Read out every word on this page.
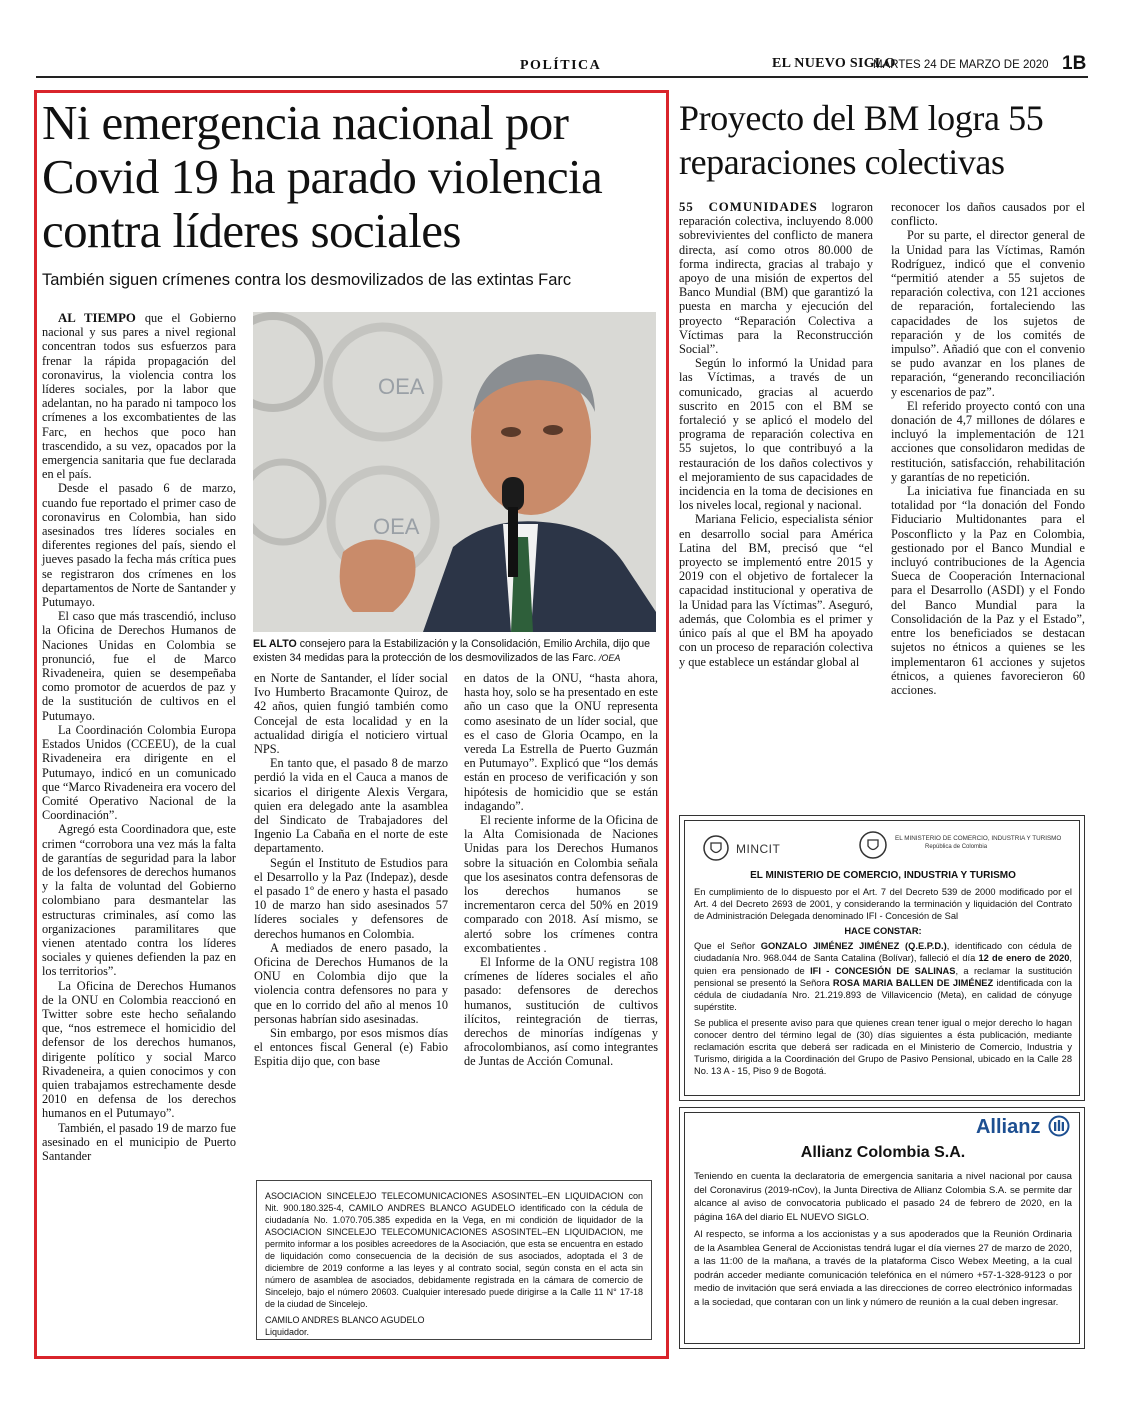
POLÍTICA	EL NUEVO SIGLO
MARTES 24 DE MARZO DE 2020 1B
Ni emergencia nacional por
Covid 19 ha parado violencia
contra líderes sociales
También siguen crímenes contra los desmovilizados de las extintas Farc
OEA
OEA
EL ALTO consejero para la Estabilización y la Consolidación, Emilio Archila, dijo que existen 34 medidas para la protección de los desmovilizados de las Farc. /OEA

AL TIEMPO que el Gobierno nacional y sus pares a nivel regional concentran todos sus esfuerzos para frenar la rápida propagación del coronavirus, la violencia contra los líderes sociales, por la labor que adelantan, no ha parado ni tampoco los crímenes a los excombatientes de las Farc, en hechos que poco han trascendido, a su vez, opacados por la emergencia sanitaria que fue declarada en el país.

Desde el pasado 6 de marzo, cuando fue reportado el primer caso de coronavirus en Colombia, han sido asesinados tres líderes sociales en diferentes regiones del país, siendo el jueves pasado la fecha más crítica pues se registraron dos crímenes en los departamentos de Norte de Santander y Putumayo.

El caso que más trascendió, incluso la Oficina de Derechos Humanos de Naciones Unidas en Colombia se pronunció, fue el de Marco Rivadeneira, quien se desempeñaba como promotor de acuerdos de paz y de la sustitución de cultivos en el Putumayo.

La Coordinación Colombia Europa Estados Unidos (CCEEU), de la cual Rivadeneira era dirigente en el Putumayo, indicó en un comunicado que “Marco Rivadeneira era vocero del Comité Operativo Nacional de la Coordinación”.

Agregó esta Coordinadora que, este crimen “corrobora una vez más la falta de garantías de seguridad para la labor de los defensores de derechos humanos y la falta de voluntad del Gobierno colombiano para desmantelar las estructuras criminales, así como las organizaciones paramilitares que vienen atentado contra los líderes sociales y quienes defienden la paz en los territorios”.

La Oficina de Derechos Humanos de la ONU en Colombia reaccionó en Twitter sobre este hecho señalando que, “nos estremece el homicidio del defensor de los derechos humanos, dirigente político y social Marco Rivadeneira, a quien conocimos y con quien trabajamos estrechamente desde 2010 en defensa de los derechos humanos en el Putumayo”.

También, el pasado 19 de marzo fue asesinado en el municipio de Puerto Santander

en Norte de Santander, el líder social Ivo Humberto Bracamonte Quiroz, de 42 años, quien fungió también como Concejal de esta localidad y en la actualidad dirigía el noticiero virtual NPS.

En tanto que, el pasado 8 de marzo perdió la vida en el Cauca a manos de sicarios el dirigente Alexis Vergara, quien era delegado ante la asamblea del Sindicato de Trabajadores del Ingenio La Cabaña en el norte de este departamento.

Según el Instituto de Estudios para el Desarrollo y la Paz (Indepaz), desde el pasado 1º de enero y hasta el pasado 10 de marzo han sido asesinados 57 líderes sociales y defensores de derechos humanos en Colombia.

A mediados de enero pasado, la Oficina de Derechos Humanos de la ONU en Colombia dijo que la violencia contra defensores no para y que en lo corrido del año al menos 10 personas habrían sido asesinadas.

Sin embargo, por esos mismos días el entonces fiscal General (e) Fabio Espitia dijo que, con base

en datos de la ONU, “hasta ahora, hasta hoy, solo se ha presentado en este año un caso que la ONU representa como asesinato de un líder social, que es el caso de Gloria Ocampo, en la vereda La Estrella de Puerto Guzmán en Putumayo”. Explicó que “los demás están en proceso de verificación y son hipótesis de homicidio que se están indagando”.

El reciente informe de la Oficina de la Alta Comisionada de Naciones Unidas para los Derechos Humanos sobre la situación en Colombia señala que los asesinatos contra defensoras de los derechos humanos se incrementaron cerca del 50% en 2019 comparado con 2018. Así mismo, se alertó sobre los crímenes contra excombatientes .

El Informe de la ONU registra 108 crímenes de líderes sociales el año pasado: defensores de derechos humanos, sustitución de cultivos ilícitos, reintegración de tierras, derechos de minorías indígenas y afrocolombianos, así como integrantes de Juntas de Acción Comunal.

ASOCIACION SINCELEJO TELECOMUNICACIONES ASOSINTEL–EN LIQUIDACION con Nit. 900.180.325-4, CAMILO ANDRES BLANCO AGUDELO identificado con la cédula de ciudadanía No. 1.070.705.385 expedida en la Vega, en mi condición de liquidador de la ASOCIACION SINCELEJO TELECOMUNICACIONES ASOSINTEL–EN LIQUIDACION, me permito informar a los posibles acreedores de la Asociación, que esta se encuentra en estado de liquidación como consecuencia de la decisión de sus asociados, adoptada el 3 de diciembre de 2019 conforme a las leyes y al contrato social, según consta en el acta sin número de asamblea de asociados, debidamente registrada en la cámara de comercio de Sincelejo, bajo el número 20603. Cualquier interesado puede dirigirse a la Calle 11 N° 17-18 de la ciudad de Sincelejo.

CAMILO ANDRES BLANCO AGUDELO

Liquidador.

Proyecto del BM logra 55
reparaciones colectivas

55 COMUNIDADES lograron reparación colectiva, incluyendo 8.000 sobrevivientes del conflicto de manera directa, así como otros 80.000 de forma indirecta, gracias al trabajo y apoyo de una misión de expertos del Banco Mundial (BM) que garantizó la puesta en marcha y ejecución del proyecto “Reparación Colectiva a Víctimas para la Reconstrucción Social”.

Según lo informó la Unidad para las Víctimas, a través de un comunicado, gracias al acuerdo suscrito en 2015 con el BM se fortaleció y se aplicó el modelo del programa de reparación colectiva en 55 sujetos, lo que contribuyó a la restauración de los daños colectivos y el mejoramiento de sus capacidades de incidencia en la toma de decisiones en los niveles local, regional y nacional.

Mariana Felicio, especialista sénior en desarrollo social para América Latina del BM, precisó que “el proyecto se implementó entre 2015 y 2019 con el objetivo de fortalecer la capacidad institucional y operativa de la Unidad para las Víctimas”. Aseguró, además, que Colombia es el primer y único país al que el BM ha apoyado con un proceso de reparación colectiva y que establece un estándar global al

reconocer los daños causados por el conflicto.

Por su parte, el director general de la Unidad para las Víctimas, Ramón Rodríguez, indicó que el convenio “permitió atender a 55 sujetos de reparación colectiva, con 121 acciones de reparación, fortaleciendo las capacidades de los sujetos de reparación y de los comités de impulso”. Añadió que con el convenio se pudo avanzar en los planes de reparación, “generando reconciliación y escenarios de paz”.

El referido proyecto contó con una donación de 4,7 millones de dólares e incluyó la implementación de 121 acciones que consolidaron medidas de restitución, satisfacción, rehabilitación y garantías de no repetición.

La iniciativa fue financiada en su totalidad por “la donación del Fondo Fiduciario Multidonantes para el Posconflicto y la Paz en Colombia, gestionado por el Banco Mundial e incluyó contribuciones de la Agencia Sueca de Cooperación Internacional para el Desarrollo (ASDI) y el Fondo del Banco Mundial para la Consolidación de la Paz y el Estado”, entre los beneficiados se destacan sujetos no étnicos a quienes se les implementaron 61 acciones y sujetos étnicos, a quienes favorecieron 60 acciones.

MINCIT
EL MINISTERIO DE COMERCIO, INDUSTRIA Y TURISMO
República de Colombia
EL MINISTERIO DE COMERCIO, INDUSTRIA Y TURISMO

En cumplimiento de lo dispuesto por el Art. 7 del Decreto 539 de 2000 modificado por el Art. 4 del Decreto 2693 de 2001, y considerando la terminación y liquidación del Contrato de Administración Delegada denominado IFI - Concesión de Sal

HACE CONSTAR:

Que el Señor GONZALO JIMÉNEZ JIMÉNEZ (Q.E.P.D.), identificado con cédula de ciudadanía Nro. 968.044 de Santa Catalina (Bolívar), falleció el día 12 de enero de 2020, quien era pensionado de IFI - CONCESIÓN DE SALINAS, a reclamar la sustitución pensional se presentó la Señora ROSA MARIA BALLEN DE JIMÉNEZ identificada con la cédula de ciudadanía Nro. 21.219.893 de Villavicencio (Meta), en calidad de cónyuge supérstite.

Se publica el presente aviso para que quienes crean tener igual o mejor derecho lo hagan conocer dentro del término legal de (30) días siguientes a ésta publicación, mediante reclamación escrita que deberá ser radicada en el Ministerio de Comercio, Industria y Turismo, dirigida a la Coordinación del Grupo de Pasivo Pensional, ubicado en la Calle 28 No. 13 A - 15, Piso 9 de Bogotá.

Allianz
Allianz Colombia S.A.

Teniendo en cuenta la declaratoria de emergencia sanitaria a nivel nacional por causa del Coronavirus (2019-nCov), la Junta Directiva de Allianz Colombia S.A. se permite dar alcance al aviso de convocatoria publicado el pasado 24 de febrero de 2020, en la página 16A del diario EL NUEVO SIGLO.

Al respecto, se informa a los accionistas y a sus apoderados que la Reunión Ordinaria de la Asamblea General de Accionistas tendrá lugar el día viernes 27 de marzo de 2020, a las 11:00 de la mañana, a través de la plataforma Cisco Webex Meeting, a la cual podrán acceder mediante comunicación telefónica en el número +57-1-328-9123 o por medio de invitación que será enviada a las direcciones de correo electrónico informadas a la sociedad, que contaran con un link y número de reunión a la cual deben ingresar.
